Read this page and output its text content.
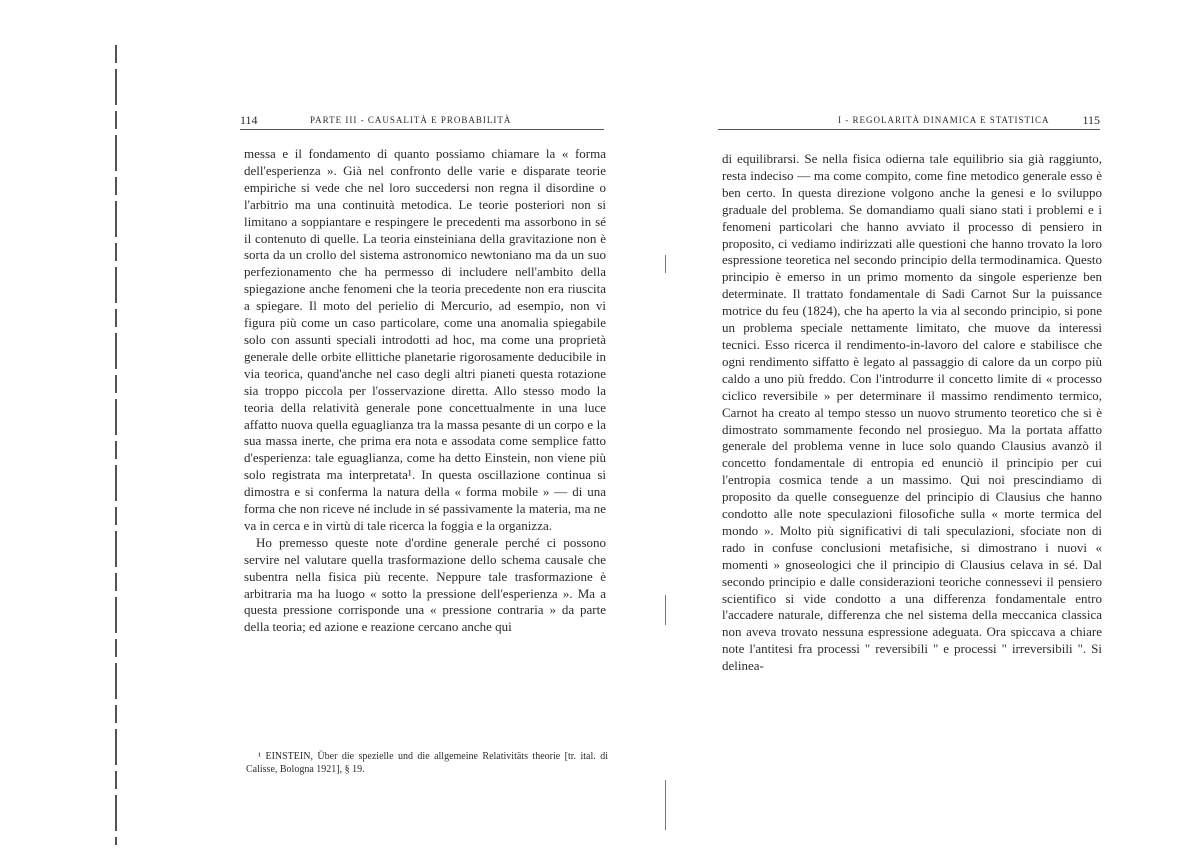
114	PARTE III - CAUSALITÀ E PROBABILITÀ

messa e il fondamento di quanto possiamo chiamare la « forma dell'esperienza ». Già nel confronto delle varie e disparate teorie empiriche si vede che nel loro succedersi non regna il disordine o l'arbitrio ma una continuità metodica. Le teorie posteriori non si limitano a soppiantare e respingere le precedenti ma assorbono in sé il contenuto di quelle. La teoria einsteiniana della gravitazione non è sorta da un crollo del sistema astronomico newtoniano ma da un suo perfezionamento che ha permesso di includere nell'ambito della spiegazione anche fenomeni che la teoria precedente non era riuscita a spiegare. Il moto del perielio di Mercurio, ad esempio, non vi figura più come un caso particolare, come una anomalia spiegabile solo con assunti speciali introdotti ad hoc, ma come una proprietà generale delle orbite ellittiche planetarie rigorosamente deducibile in via teorica, quand'anche nel caso degli altri pianeti questa rotazione sia troppo piccola per l'osservazione diretta. Allo stesso modo la teoria della relatività generale pone concettualmente in una luce affatto nuova quella eguaglianza tra la massa pesante di un corpo e la sua massa inerte, che prima era nota e assodata come semplice fatto d'esperienza: tale eguaglianza, come ha detto Einstein, non viene più solo registrata ma interpretata¹. In questa oscillazione continua si dimostra e si conferma la natura della « forma mobile » — di una forma che non riceve né include in sé passivamente la materia, ma ne va in cerca e in virtù di tale ricerca la foggia e la organizza.

Ho premesso queste note d'ordine generale perché ci possono servire nel valutare quella trasformazione dello schema causale che subentra nella fisica più recente. Neppure tale trasformazione è arbitraria ma ha luogo « sotto la pressione dell'esperienza ». Ma a questa pressione corrisponde una « pressione contraria » da parte della teoria; ed azione e reazione cercano anche qui

¹ EINSTEIN, Über die spezielle und die allgemeine Relativitäts theorie [tr. ital. di Calisse, Bologna 1921], § 19.
I - REGOLARITÀ DINAMICA E STATISTICA	115

di equilibrarsi. Se nella fisica odierna tale equilibrio sia già raggiunto, resta indeciso — ma come compito, come fine metodico generale esso è ben certo. In questa direzione volgono anche la genesi e lo sviluppo graduale del problema. Se domandiamo quali siano stati i problemi e i fenomeni particolari che hanno avviato il processo di pensiero in proposito, ci vediamo indirizzati alle questioni che hanno trovato la loro espressione teoretica nel secondo principio della termodinamica. Questo principio è emerso in un primo momento da singole esperienze ben determinate. Il trattato fondamentale di Sadi Carnot Sur la puissance motrice du feu (1824), che ha aperto la via al secondo principio, si pone un problema speciale nettamente limitato, che muove da interessi tecnici. Esso ricerca il rendimento-in-lavoro del calore e stabilisce che ogni rendimento siffatto è legato al passaggio di calore da un corpo più caldo a uno più freddo. Con l'introdurre il concetto limite di « processo ciclico reversibile » per determinare il massimo rendimento termico, Carnot ha creato al tempo stesso un nuovo strumento teoretico che si è dimostrato sommamente fecondo nel prosieguo. Ma la portata affatto generale del problema venne in luce solo quando Clausius avanzò il concetto fondamentale di entropia ed enunciò il principio per cui l'entropia cosmica tende a un massimo. Qui noi prescindiamo di proposito da quelle conseguenze del principio di Clausius che hanno condotto alle note speculazioni filosofiche sulla « morte termica del mondo ». Molto più significativi di tali speculazioni, sfociate non di rado in confuse conclusioni metafisiche, si dimostrano i nuovi « momenti » gnoseologici che il principio di Clausius celava in sé. Dal secondo principio e dalle considerazioni teoriche connessevi il pensiero scientifico si vide condotto a una differenza fondamentale entro l'accadere naturale, differenza che nel sistema della meccanica classica non aveva trovato nessuna espressione adeguata. Ora spiccava a chiare note l'antitesi fra processi " reversibili " e processi " irreversibili ". Si delinea-
